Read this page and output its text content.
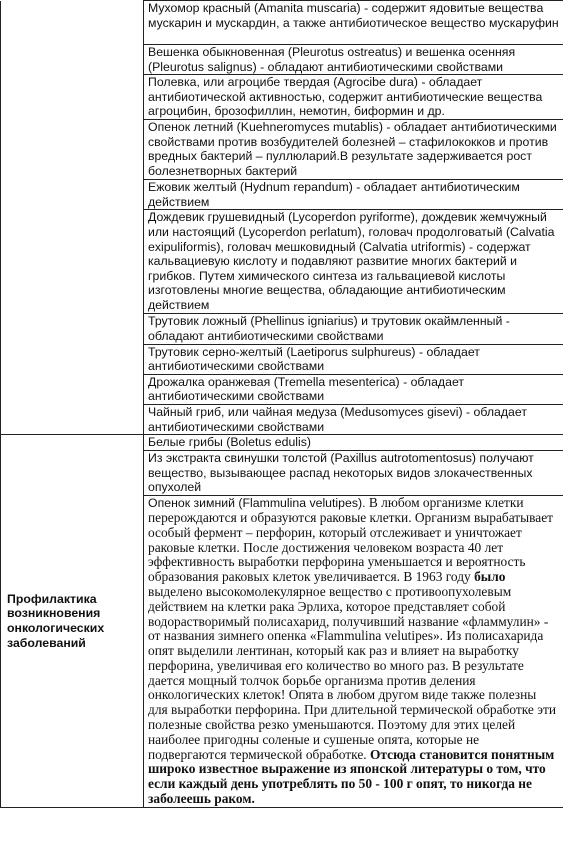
	Мухомор красный (Amanita muscaria) - содержит ядовитые вещества мускарин и мускардин, а также антибиотическое вещество мускаруфин
	Вешенка обыкновенная (Pleurotus ostreatus) и вешенка осенняя (Pleurotus salignus) - обладают антибиотическими свойствами
	Полевка, или агроцибе твердая (Agrocibe dura) - обладает антибиотической активностью, содержит антибиотические вещества агроцибин, брозофиллин, немотин, биформин и др.
	Опенок летний (Kuehneromyces mutablis) - обладает антибиотическими свойствами против возбудителей болезней – стафилококков и против вредных бактерий – пуллюларий.В результате задерживается рост болезнетворных бактерий
	Ежовик желтый (Hydnum repandum) - обладает антибиотическим действием
	Дождевик грушевидный (Lycoperdon pyriforme), дождевик жемчужный или настоящий (Lycoperdon perlatum), головач продолговатый (Calvatia exipuliformis), головач мешковидный (Calvatia utriformis) - содержат кальвациевую кислоту и подавляют развитие многих бактерий и грибков. Путем химического синтеза из гальвациевой кислоты изготовлены многие вещества, обладающие антибиотическим действием
	Трутовик ложный (Phellinus igniarius) и трутовик окаймленный - обладают антибиотическими свойствами
	Трутовик серно-желтый (Laetiporus sulphureus) - обладает антибиотическими свойствами
	Дрожалка оранжевая (Tremella mesenterica) - обладает антибиотическими свойствами
	Чайный гриб, или чайная медуза (Medusomyces gisevi) - обладает антибиотическими свойствами
Профилактика возникновения онкологических заболеваний	Белые грибы (Boletus edulis)
	Из экстракта свинушки толстой (Paxillus autrotomentosus) получают вещество, вызывающее распад некоторых видов злокачественных опухолей
	Опенок зимний (Flammulina velutipes). В любом организме клетки перерождаются и образуются раковые клетки. Организм вырабатывает особый фермент – перфорин, который отслеживает и уничтожает раковые клетки. После достижения человеком возраста 40 лет эффективность выработки перфорина уменьшается и вероятность образования раковых клеток увеличивается. В 1963 году было выделено высокомолекулярное вещество с противоопухолевым действием на клетки рака Эрлиха, которое представляет собой водорастворимый полисахарид, получивший название «фламмулин» - от названия зимнего опенка «Flammulina velutipes». Из полисахарида опят выделили лентинан, который как раз и влияет на выработку перфорина, увеличивая его количество во много раз. В результате дается мощный толчок борьбе организма против деления онкологических клеток! Опята в любом другом виде также полезны для выработки перфорина. При длительной термической обработке эти полезные свойства резко уменьшаются. Поэтому для этих целей наиболее пригодны соленые и сушеные опята, которые не подвергаются термической обработке. Отсюда становится понятным широко известное выражение из японской литературы о том, что если каждый день употреблять по 50 - 100 г опят, то никогда не заболеешь раком.
